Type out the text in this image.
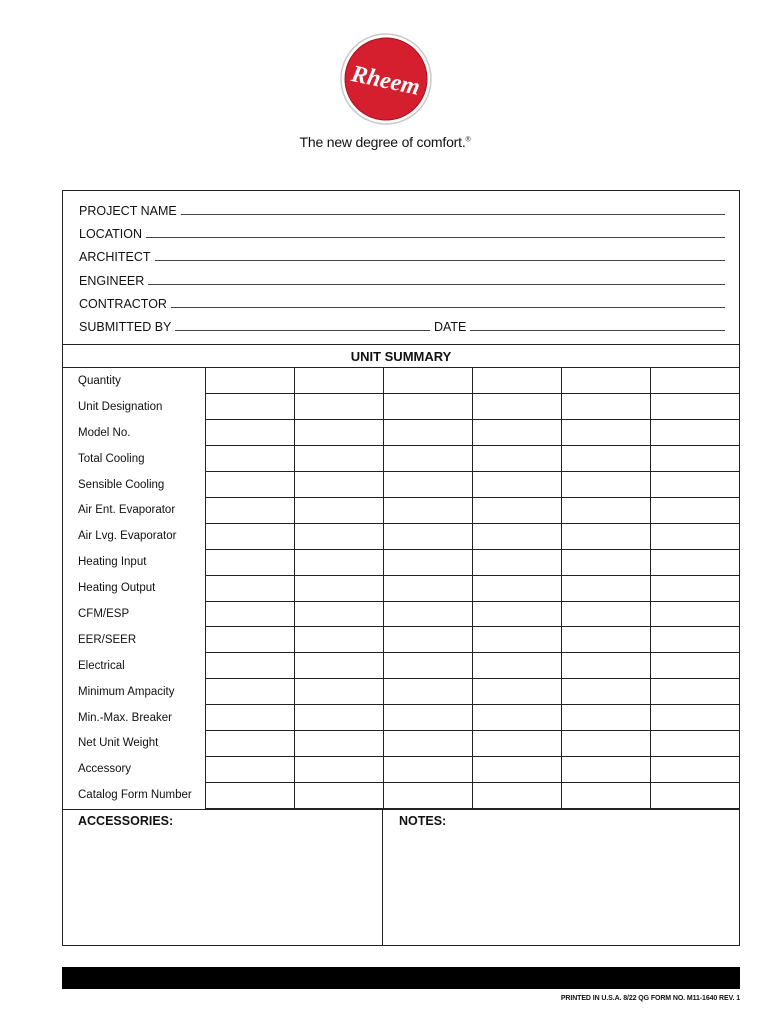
Rheem
The new degree of comfort.®
PROJECT NAME
LOCATION
ARCHITECT
ENGINEER
CONTRACTOR
SUBMITTED BY	DATE
UNIT SUMMARY
Quantity						
Unit Designation						
Model No.						
Total Cooling						
Sensible Cooling						
Air Ent. Evaporator						
Air Lvg. Evaporator						
Heating Input						
Heating Output						
CFM/ESP						
EER/SEER						
Electrical						
Minimum Ampacity						
Min.-Max. Breaker						
Net Unit Weight						
Accessory						
Catalog Form Number						
ACCESSORIES:	NOTES:
PRINTED IN U.S.A. 8/22 QG FORM NO. M11-1640 REV. 1
